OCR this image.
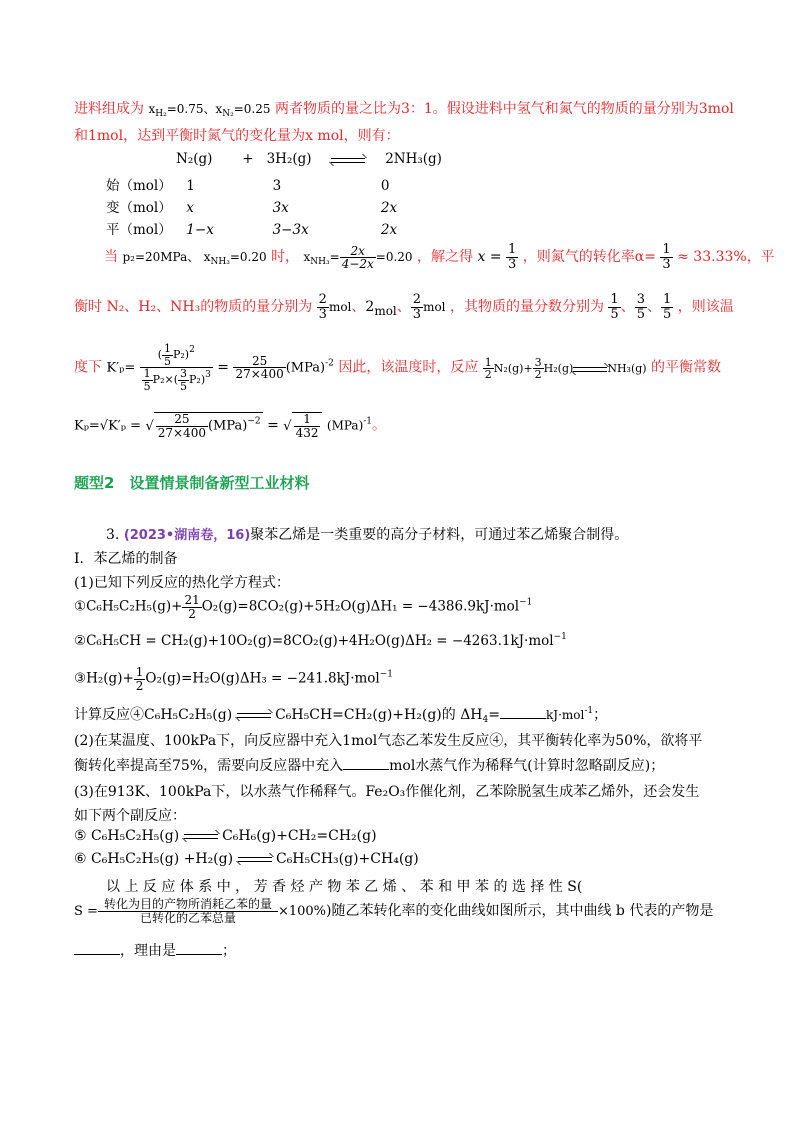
进料组成为 $x_{H_2}=0.75$、$x_{N_2}=0.25$ 两者物质的量之比为3：1。假设进料中氢气和氮气的物质的量分别为3mol
和1mol，达到平衡时氮气的变化量为x mol，则有：
N₂(g) + 3H₂(g)	2NH₃(g)
始（mol） 1	3	0
变（mol） x	3x	2x
平（mol） 1−x	3−3x	2x
当 p₂=20MPa、 $x_{NH_3}=0.20$ 时， $x_{NH_3}= \frac{2x}{4-2x} =0.20$ ，解之得 $x = \frac{1}{3}$ ，则氮气的转化率$\alpha= \frac{1}{3} \approx 33.33\%$，平
衡时 N₂、H₂、NH₃的物质的量分别为 $\frac{2}{3}$ mol、2mol、 $\frac{2}{3}$ mol ，其物质的量分数分别为 $\frac{1}{5}$ 、 $\frac{3}{5}$ 、 $\frac{1}{5}$ ，则该温
度下 $K'_p= \frac{( \frac{1}{5} P_2)^2}{\frac{1}{5} P_2\times( \frac{3}{5} P_2)^3} = \frac{25}{27\times 400} (MPa)^{-2}$ 因此，该温度时，反应 $\frac{1}{2} N_2(g)+ \frac{3}{2} H_2(g)$	NH₃(g) 的平衡常数
Kₚ=√K′ₚ = √ $\frac{25}{27\times 400} (MPa)^{-2}$ = √ $\frac{1}{432} (MPa)^{-1}$。
题型2　设置情景制备新型工业材料
3. (2023•湖南卷，16)聚苯乙烯是一类重要的高分子材料，可通过苯乙烯聚合制得。
Ⅰ．苯乙烯的制备
(1)已知下列反应的热化学方程式：
①C₆H₅C₂H₅(g)+ $\frac{21}{2} O_2(g)=8CO_2(g)+5H_2O(g)\Delta H_1 = -4386.9kJ\cdot mol^{-1}$
②C₆H₅CH = CH₂(g)+10O₂(g)=8CO₂(g)+4H₂O(g)ΔH₂ = −4263.1kJ·mol$^{-1}$
③H₂(g)+ $\frac{1}{2} O_2(g)=H_2O(g)\Delta H_3 = -241.8kJ\cdot mol^{-1}$
计算反应④C₆H₅C₂H₅(g)	C₆H₅CH=CH₂(g)+H₂(g)的 $\Delta H_4=$	kJ·mol$^{-1}$；
(2)在某温度、100kPa下，向反应器中充入1mol气态乙苯发生反应④，其平衡转化率为50%，欲将平
衡转化率提高至75%，需要向反应器中充入	mol水蒸气作为稀释气(计算时忽略副反应)；
(3)在913K、100kPa下，以水蒸气作稀释气。Fe₂O₃作催化剂，乙苯除脱氢生成苯乙烯外，还会发生
如下两个副反应：
⑤ C₆H₅C₂H₅(g)	C₆H₆(g)+CH₂=CH₂(g)
⑥ C₆H₅C₂H₅(g) +H₂(g)	C₆H₅CH₃(g)+CH₄(g)
以 上 反 应 体 系 中 ， 芳 香 烃 产 物 苯 乙 烯 、 苯 和 甲 苯 的 选 择 性 S(
$S = \frac{\text{转化为目的产物所消耗乙苯的量}}{\text{已转化的乙苯总量}} \times 100\%$)随乙苯转化率的变化曲线如图所示，其中曲线 b 代表的产物是
，理由是	；
